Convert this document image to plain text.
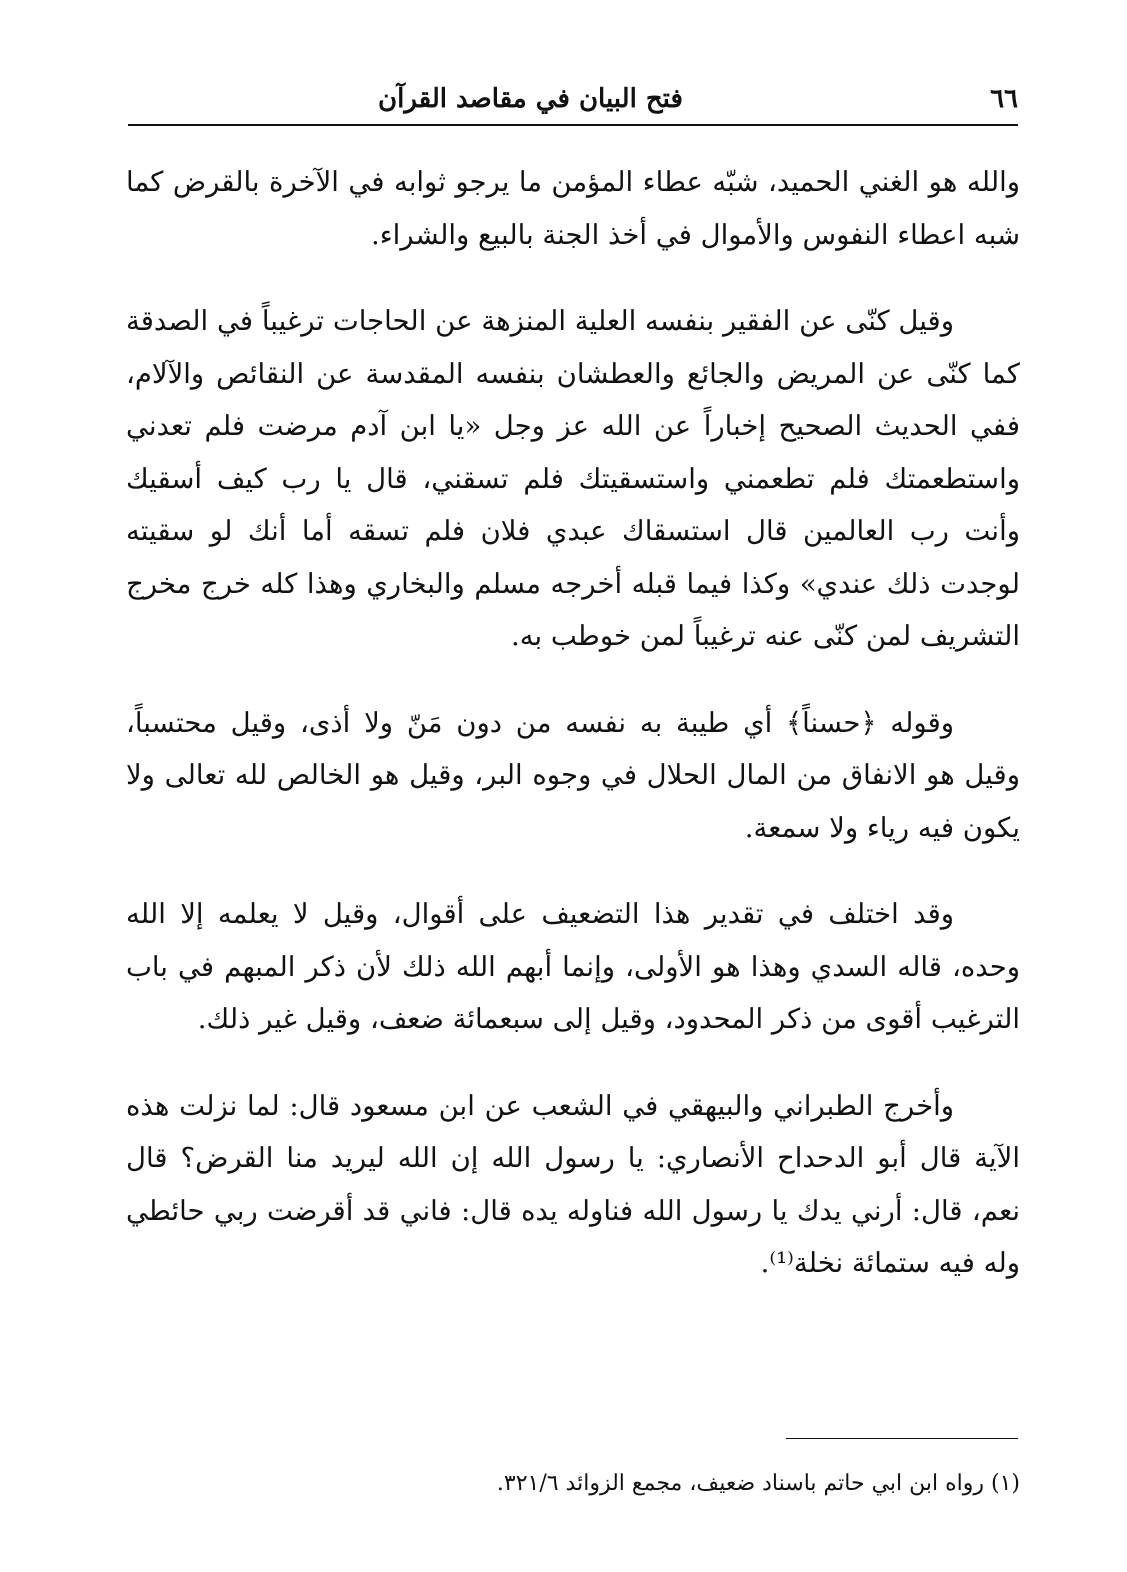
٦٦
فتح البيان في مقاصد القرآن

والله هو الغني الحميد، شبّه عطاء المؤمن ما يرجو ثوابه في الآخرة بالقرض كما شبه اعطاء النفوس والأموال في أخذ الجنة بالبيع والشراء.

وقيل كنّى عن الفقير بنفسه العلية المنزهة عن الحاجات ترغيباً في الصدقة كما كنّى عن المريض والجائع والعطشان بنفسه المقدسة عن النقائص والآلام، ففي الحديث الصحيح إخباراً عن الله عز وجل «يا ابن آدم مرضت فلم تعدني واستطعمتك فلم تطعمني واستسقيتك فلم تسقني، قال يا رب كيف أسقيك وأنت رب العالمين قال استسقاك عبدي فلان فلم تسقه أما أنك لو سقيته لوجدت ذلك عندي» وكذا فيما قبله أخرجه مسلم والبخاري وهذا كله خرج مخرج التشريف لمن كنّى عنه ترغيباً لمن خوطب به.

وقوله ﴿حسناً﴾ أي طيبة به نفسه من دون مَنّ ولا أذى، وقيل محتسباً، وقيل هو الانفاق من المال الحلال في وجوه البر، وقيل هو الخالص لله تعالى ولا يكون فيه رياء ولا سمعة.

وقد اختلف في تقدير هذا التضعيف على أقوال، وقيل لا يعلمه إلا الله وحده، قاله السدي وهذا هو الأولى، وإنما أبهم الله ذلك لأن ذكر المبهم في باب الترغيب أقوى من ذكر المحدود، وقيل إلى سبعمائة ضعف، وقيل غير ذلك.

وأخرج الطبراني والبيهقي في الشعب عن ابن مسعود قال: لما نزلت هذه الآية قال أبو الدحداح الأنصاري: يا رسول الله إن الله ليريد منا القرض؟ قال نعم، قال: أرني يدك يا رسول الله فناوله يده قال: فاني قد أقرضت ربي حائطي وله فيه ستمائة نخلة⁽¹⁾.

(١) رواه ابن ابي حاتم باسناد ضعيف، مجمع الزوائد ٣٢١/٦.
